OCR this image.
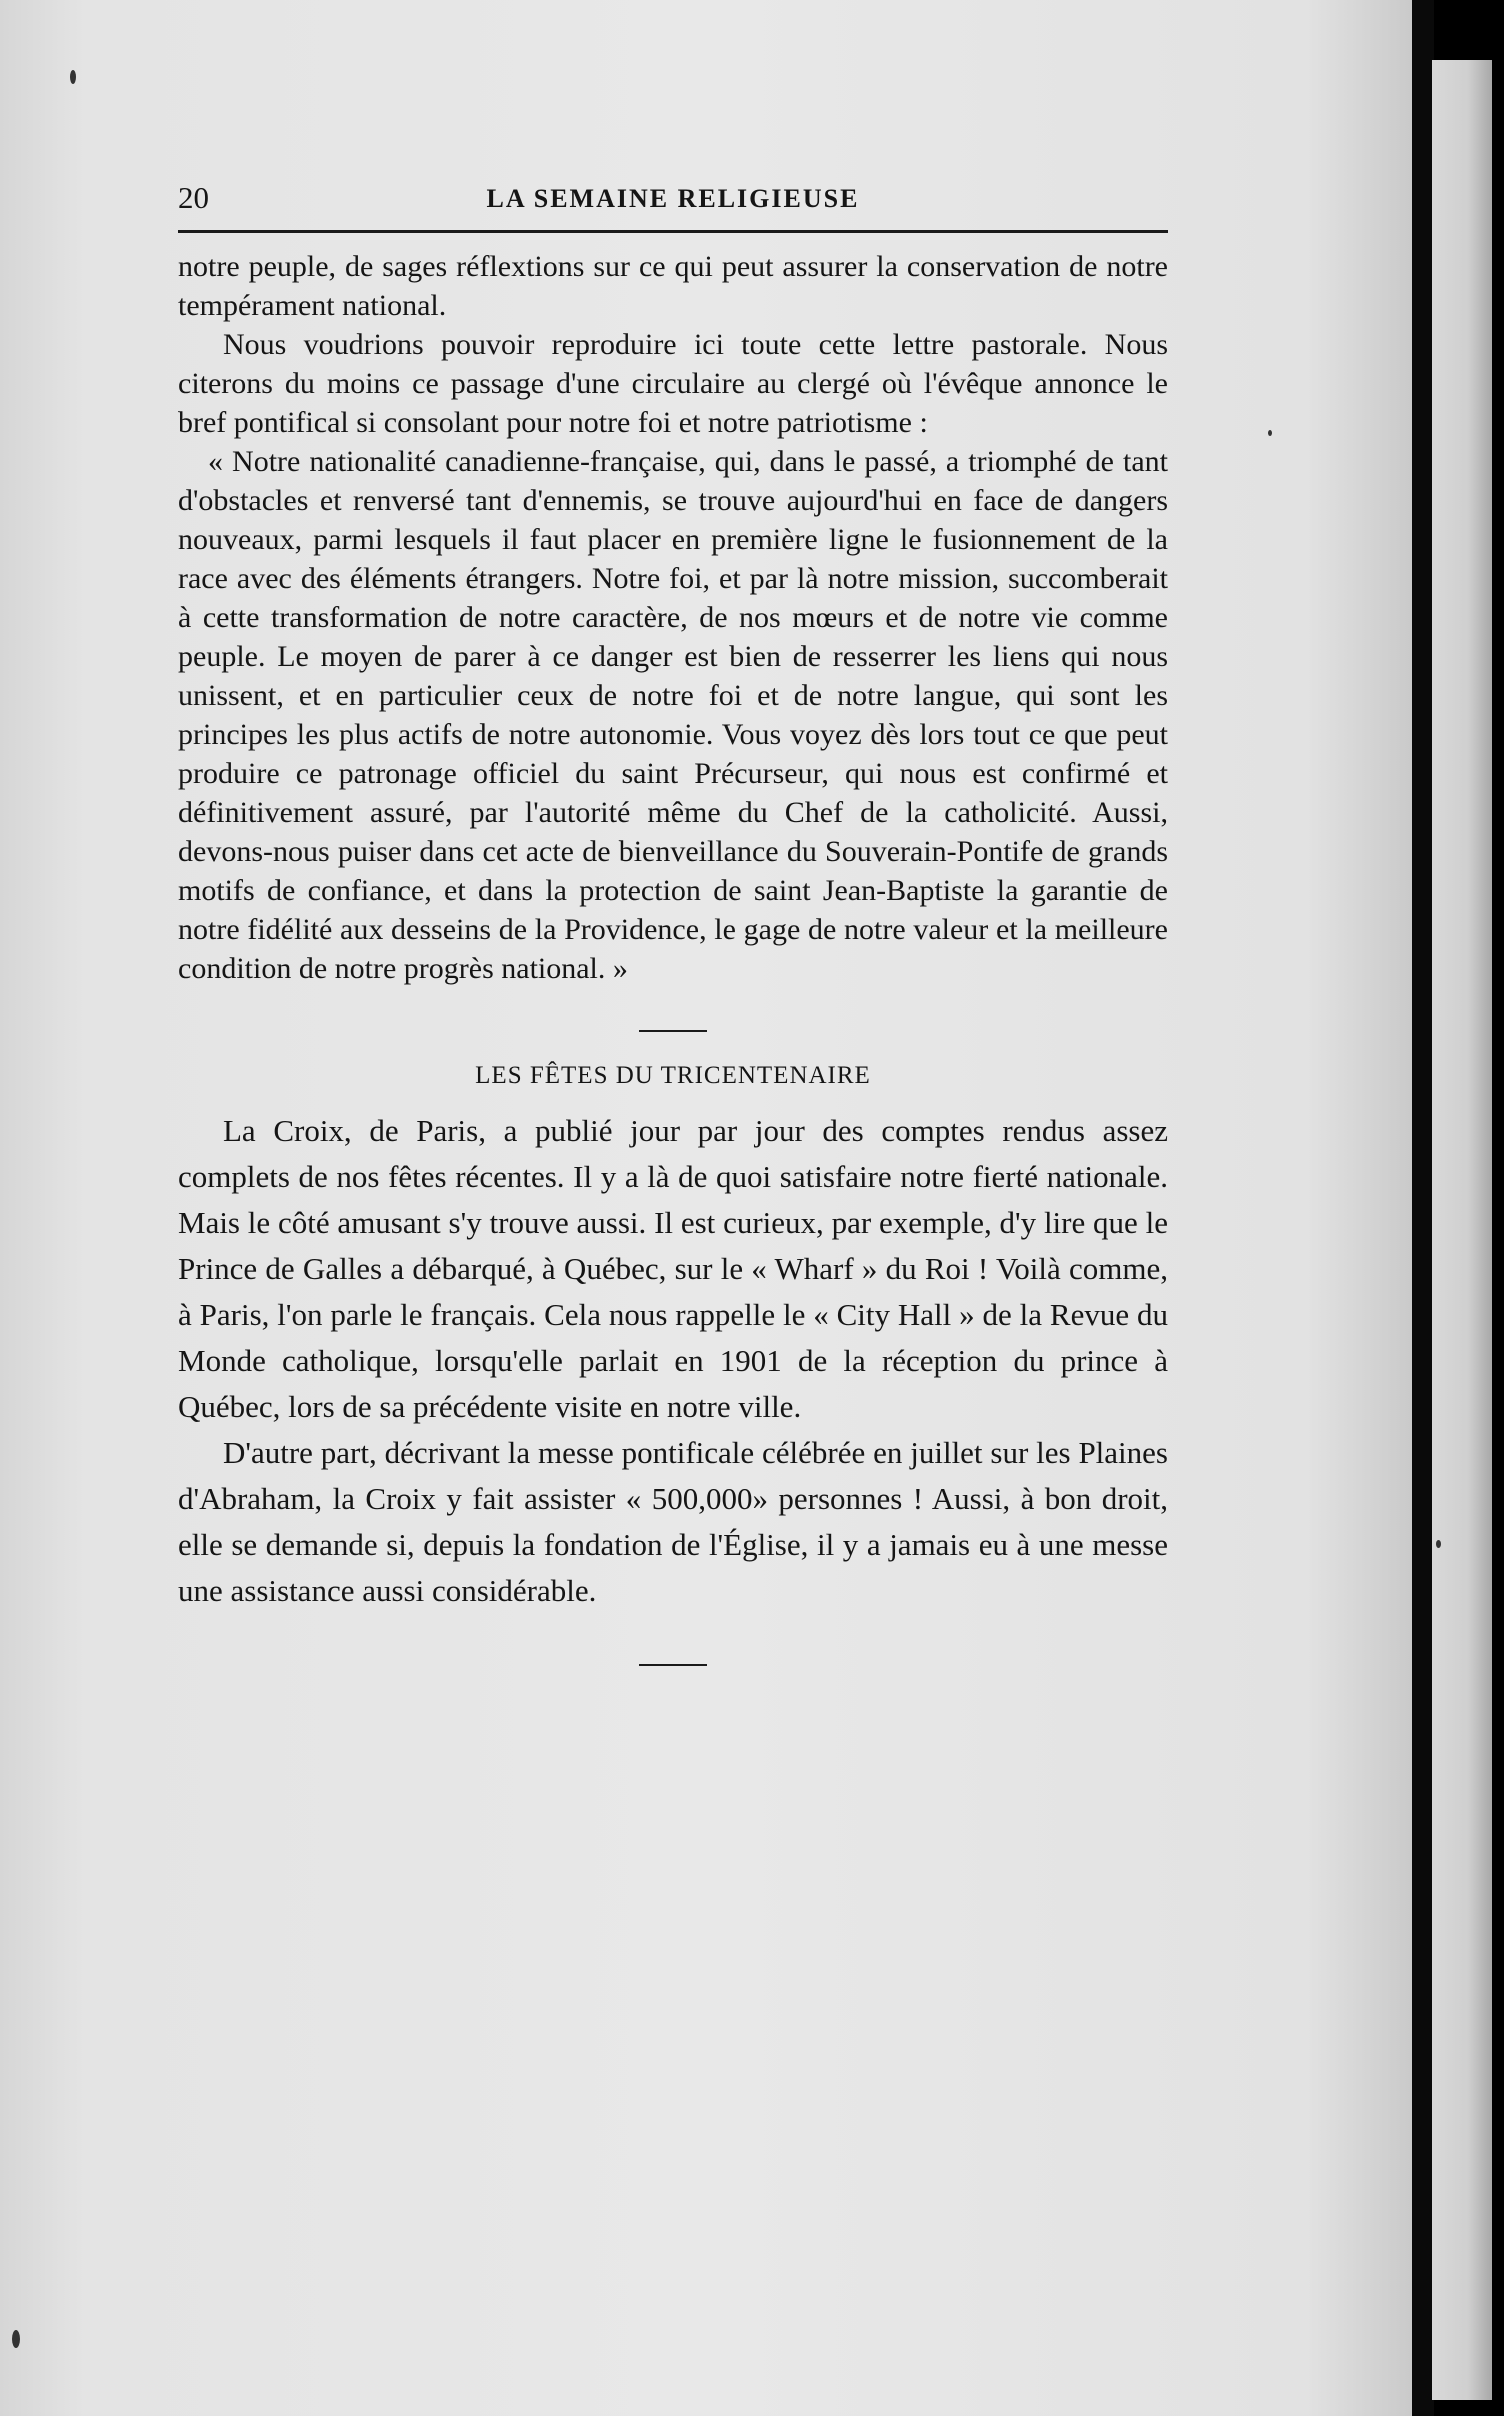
20	LA SEMAINE RELIGIEUSE

notre peuple, de sages réflextions sur ce qui peut assurer la conservation de notre tempérament national.

Nous voudrions pouvoir reproduire ici toute cette lettre pastorale. Nous citerons du moins ce passage d'une circulaire au clergé où l'évêque annonce le bref pontifical si consolant pour notre foi et notre patriotisme :

« Notre nationalité canadienne-française, qui, dans le passé, a triomphé de tant d'obstacles et renversé tant d'ennemis, se trouve aujourd'hui en face de dangers nouveaux, parmi lesquels il faut placer en première ligne le fusionnement de la race avec des éléments étrangers. Notre foi, et par là notre mission, succomberait à cette transformation de notre caractère, de nos mœurs et de notre vie comme peuple. Le moyen de parer à ce danger est bien de resserrer les liens qui nous unissent, et en particulier ceux de notre foi et de notre langue, qui sont les principes les plus actifs de notre autonomie. Vous voyez dès lors tout ce que peut produire ce patronage officiel du saint Précurseur, qui nous est confirmé et définitivement assuré, par l'autorité même du Chef de la catholicité. Aussi, devons-nous puiser dans cet acte de bienveillance du Souverain-Pontife de grands motifs de confiance, et dans la protection de saint Jean-Baptiste la garantie de notre fidélité aux desseins de la Providence, le gage de notre valeur et la meilleure condition de notre progrès national. »

LES FÊTES DU TRICENTENAIRE

La Croix, de Paris, a publié jour par jour des comptes rendus assez complets de nos fêtes récentes. Il y a là de quoi satisfaire notre fierté nationale. Mais le côté amusant s'y trouve aussi. Il est curieux, par exemple, d'y lire que le Prince de Galles a débarqué, à Québec, sur le « Wharf » du Roi ! Voilà comme, à Paris, l'on parle le français. Cela nous rappelle le « City Hall » de la Revue du Monde catholique, lorsqu'elle parlait en 1901 de la réception du prince à Québec, lors de sa précédente visite en notre ville.

D'autre part, décrivant la messe pontificale célébrée en juillet sur les Plaines d'Abraham, la Croix y fait assister « 500,000» personnes ! Aussi, à bon droit, elle se demande si, depuis la fondation de l'Église, il y a jamais eu à une messe une assistance aussi considérable.
